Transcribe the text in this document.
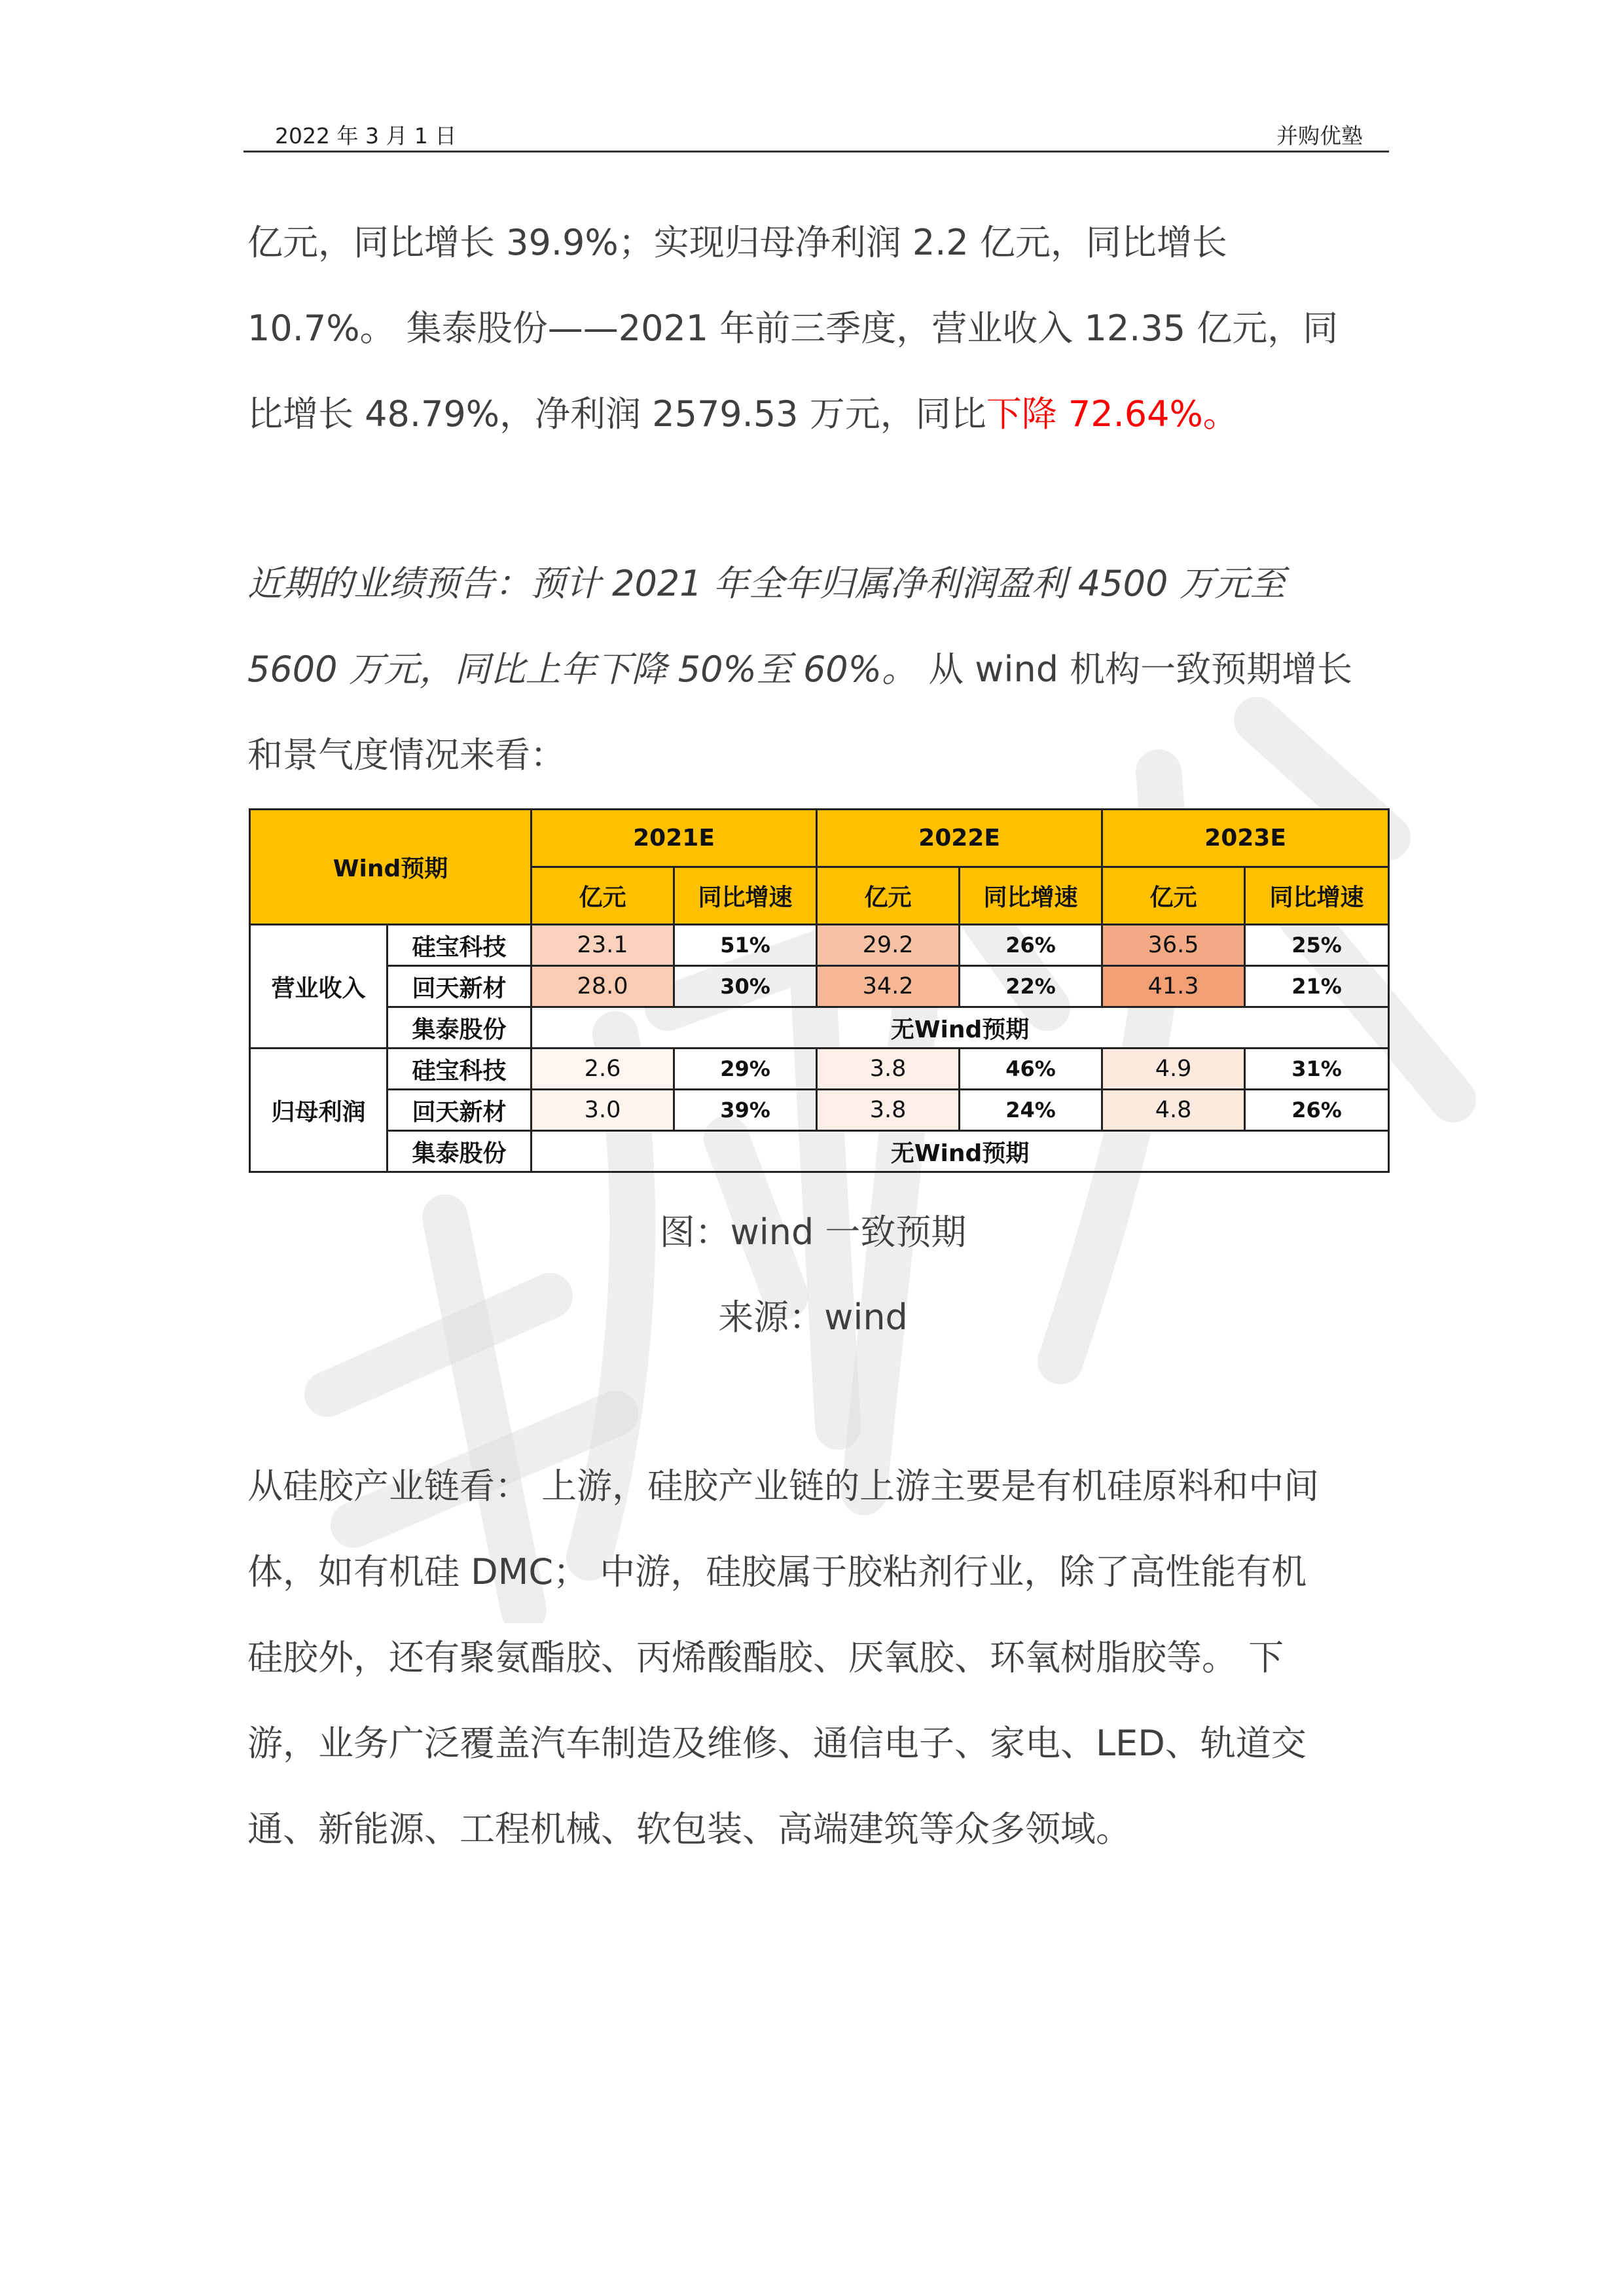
2022 年 3 月 1 日	并购优塾
亿元，同比增长 39.9%；实现归母净利润 2.2 亿元，同比增长
10.7%。 集泰股份——2021 年前三季度，营业收入 12.35 亿元，同
比增长 48.79%，净利润 2579.53 万元，同比下降 72.64%。
近期的业绩预告：预计 2021 年全年归属净利润盈利 4500 万元至
5600 万元，同比上年下降 50%至 60%。 从 wind 机构一致预期增长
和景气度情况来看：
Wind预期		2021E		2022E		2023E	
		亿元	同比增速	亿元	同比增速	亿元	同比增速
营业收入	硅宝科技	23.1	51%	29.2	26%	36.5	25%
	回天新材	28.0	30%	34.2	22%	41.3	21%
	集泰股份	无Wind预期					
归母利润	硅宝科技	2.6	29%	3.8	46%	4.9	31%
	回天新材	3.0	39%	3.8	24%	4.8	26%
	集泰股份	无Wind预期					
图：wind 一致预期
来源：wind
从硅胶产业链看： 上游，硅胶产业链的上游主要是有机硅原料和中间
体，如有机硅 DMC； 中游，硅胶属于胶粘剂行业，除了高性能有机
硅胶外，还有聚氨酯胶、丙烯酸酯胶、厌氧胶、环氧树脂胶等。 下
游，业务广泛覆盖汽车制造及维修、通信电子、家电、LED、轨道交
通、新能源、工程机械、软包装、高端建筑等众多领域。
